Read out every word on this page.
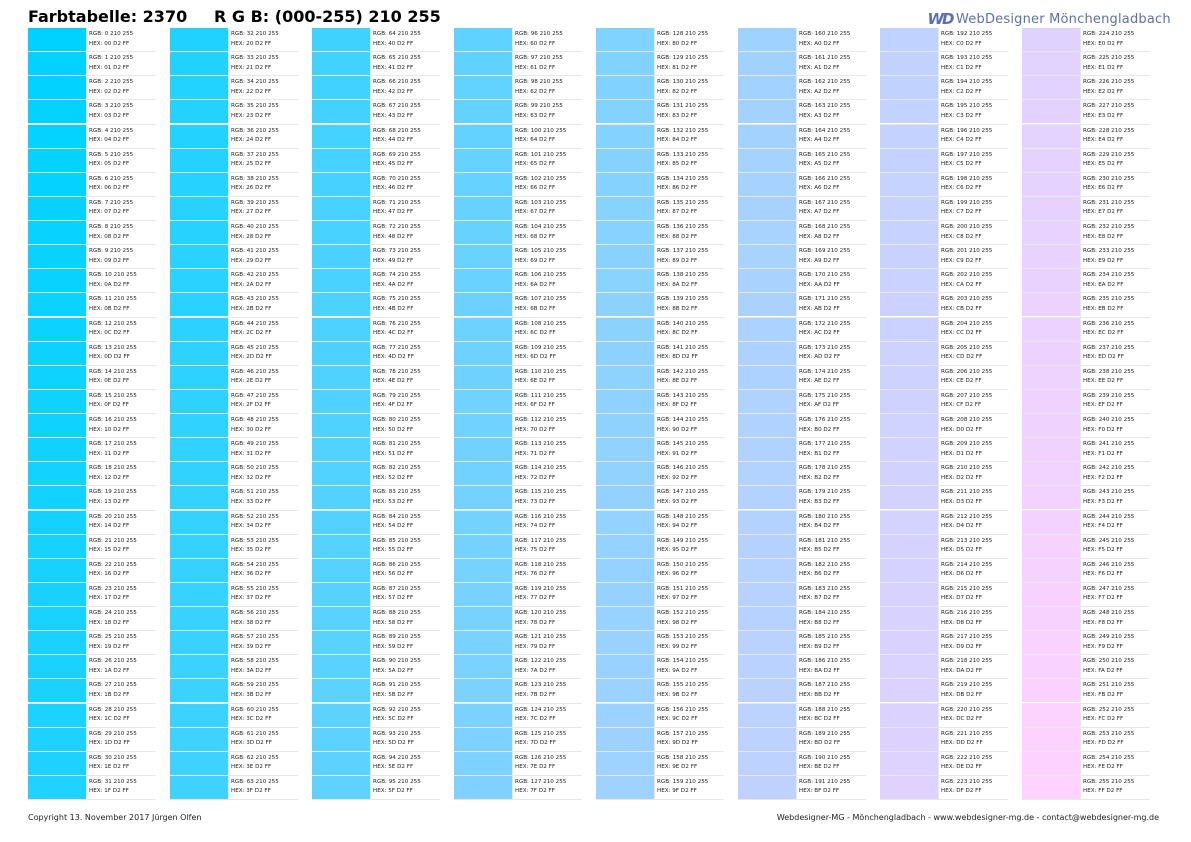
Farbtabelle: 2370 R G B: (000-255) 210 255	WD WebDesigner Mönchengladbach
RGB: 0 210 255
HEX: 00 D2 FF
RGB: 1 210 255
HEX: 01 D2 FF
RGB: 2 210 255
HEX: 02 D2 FF
RGB: 3 210 255
HEX: 03 D2 FF
RGB: 4 210 255
HEX: 04 D2 FF
RGB: 5 210 255
HEX: 05 D2 FF
RGB: 6 210 255
HEX: 06 D2 FF
RGB: 7 210 255
HEX: 07 D2 FF
RGB: 8 210 255
HEX: 08 D2 FF
RGB: 9 210 255
HEX: 09 D2 FF
RGB: 10 210 255
HEX: 0A D2 FF
RGB: 11 210 255
HEX: 0B D2 FF
RGB: 12 210 255
HEX: 0C D2 FF
RGB: 13 210 255
HEX: 0D D2 FF
RGB: 14 210 255
HEX: 0E D2 FF
RGB: 15 210 255
HEX: 0F D2 FF
RGB: 16 210 255
HEX: 10 D2 FF
RGB: 17 210 255
HEX: 11 D2 FF
RGB: 18 210 255
HEX: 12 D2 FF
RGB: 19 210 255
HEX: 13 D2 FF
RGB: 20 210 255
HEX: 14 D2 FF
RGB: 21 210 255
HEX: 15 D2 FF
RGB: 22 210 255
HEX: 16 D2 FF
RGB: 23 210 255
HEX: 17 D2 FF
RGB: 24 210 255
HEX: 18 D2 FF
RGB: 25 210 255
HEX: 19 D2 FF
RGB: 26 210 255
HEX: 1A D2 FF
RGB: 27 210 255
HEX: 1B D2 FF
RGB: 28 210 255
HEX: 1C D2 FF
RGB: 29 210 255
HEX: 1D D2 FF
RGB: 30 210 255
HEX: 1E D2 FF
RGB: 31 210 255
HEX: 1F D2 FF
RGB: 32 210 255
HEX: 20 D2 FF
RGB: 33 210 255
HEX: 21 D2 FF
RGB: 34 210 255
HEX: 22 D2 FF
RGB: 35 210 255
HEX: 23 D2 FF
RGB: 36 210 255
HEX: 24 D2 FF
RGB: 37 210 255
HEX: 25 D2 FF
RGB: 38 210 255
HEX: 26 D2 FF
RGB: 39 210 255
HEX: 27 D2 FF
RGB: 40 210 255
HEX: 28 D2 FF
RGB: 41 210 255
HEX: 29 D2 FF
RGB: 42 210 255
HEX: 2A D2 FF
RGB: 43 210 255
HEX: 2B D2 FF
RGB: 44 210 255
HEX: 2C D2 FF
RGB: 45 210 255
HEX: 2D D2 FF
RGB: 46 210 255
HEX: 2E D2 FF
RGB: 47 210 255
HEX: 2F D2 FF
RGB: 48 210 255
HEX: 30 D2 FF
RGB: 49 210 255
HEX: 31 D2 FF
RGB: 50 210 255
HEX: 32 D2 FF
RGB: 51 210 255
HEX: 33 D2 FF
RGB: 52 210 255
HEX: 34 D2 FF
RGB: 53 210 255
HEX: 35 D2 FF
RGB: 54 210 255
HEX: 36 D2 FF
RGB: 55 210 255
HEX: 37 D2 FF
RGB: 56 210 255
HEX: 38 D2 FF
RGB: 57 210 255
HEX: 39 D2 FF
RGB: 58 210 255
HEX: 3A D2 FF
RGB: 59 210 255
HEX: 3B D2 FF
RGB: 60 210 255
HEX: 3C D2 FF
RGB: 61 210 255
HEX: 3D D2 FF
RGB: 62 210 255
HEX: 3E D2 FF
RGB: 63 210 255
HEX: 3F D2 FF
RGB: 64 210 255
HEX: 40 D2 FF
RGB: 65 210 255
HEX: 41 D2 FF
RGB: 66 210 255
HEX: 42 D2 FF
RGB: 67 210 255
HEX: 43 D2 FF
RGB: 68 210 255
HEX: 44 D2 FF
RGB: 69 210 255
HEX: 45 D2 FF
RGB: 70 210 255
HEX: 46 D2 FF
RGB: 71 210 255
HEX: 47 D2 FF
RGB: 72 210 255
HEX: 48 D2 FF
RGB: 73 210 255
HEX: 49 D2 FF
RGB: 74 210 255
HEX: 4A D2 FF
RGB: 75 210 255
HEX: 4B D2 FF
RGB: 76 210 255
HEX: 4C D2 FF
RGB: 77 210 255
HEX: 4D D2 FF
RGB: 78 210 255
HEX: 4E D2 FF
RGB: 79 210 255
HEX: 4F D2 FF
RGB: 80 210 255
HEX: 50 D2 FF
RGB: 81 210 255
HEX: 51 D2 FF
RGB: 82 210 255
HEX: 52 D2 FF
RGB: 83 210 255
HEX: 53 D2 FF
RGB: 84 210 255
HEX: 54 D2 FF
RGB: 85 210 255
HEX: 55 D2 FF
RGB: 86 210 255
HEX: 56 D2 FF
RGB: 87 210 255
HEX: 57 D2 FF
RGB: 88 210 255
HEX: 58 D2 FF
RGB: 89 210 255
HEX: 59 D2 FF
RGB: 90 210 255
HEX: 5A D2 FF
RGB: 91 210 255
HEX: 5B D2 FF
RGB: 92 210 255
HEX: 5C D2 FF
RGB: 93 210 255
HEX: 5D D2 FF
RGB: 94 210 255
HEX: 5E D2 FF
RGB: 95 210 255
HEX: 5F D2 FF
RGB: 96 210 255
HEX: 60 D2 FF
RGB: 97 210 255
HEX: 61 D2 FF
RGB: 98 210 255
HEX: 62 D2 FF
RGB: 99 210 255
HEX: 63 D2 FF
RGB: 100 210 255
HEX: 64 D2 FF
RGB: 101 210 255
HEX: 65 D2 FF
RGB: 102 210 255
HEX: 66 D2 FF
RGB: 103 210 255
HEX: 67 D2 FF
RGB: 104 210 255
HEX: 68 D2 FF
RGB: 105 210 255
HEX: 69 D2 FF
RGB: 106 210 255
HEX: 6A D2 FF
RGB: 107 210 255
HEX: 6B D2 FF
RGB: 108 210 255
HEX: 6C D2 FF
RGB: 109 210 255
HEX: 6D D2 FF
RGB: 110 210 255
HEX: 6E D2 FF
RGB: 111 210 255
HEX: 6F D2 FF
RGB: 112 210 255
HEX: 70 D2 FF
RGB: 113 210 255
HEX: 71 D2 FF
RGB: 114 210 255
HEX: 72 D2 FF
RGB: 115 210 255
HEX: 73 D2 FF
RGB: 116 210 255
HEX: 74 D2 FF
RGB: 117 210 255
HEX: 75 D2 FF
RGB: 118 210 255
HEX: 76 D2 FF
RGB: 119 210 255
HEX: 77 D2 FF
RGB: 120 210 255
HEX: 78 D2 FF
RGB: 121 210 255
HEX: 79 D2 FF
RGB: 122 210 255
HEX: 7A D2 FF
RGB: 123 210 255
HEX: 7B D2 FF
RGB: 124 210 255
HEX: 7C D2 FF
RGB: 125 210 255
HEX: 7D D2 FF
RGB: 126 210 255
HEX: 7E D2 FF
RGB: 127 210 255
HEX: 7F D2 FF
RGB: 128 210 255
HEX: 80 D2 FF
RGB: 129 210 255
HEX: 81 D2 FF
RGB: 130 210 255
HEX: 82 D2 FF
RGB: 131 210 255
HEX: 83 D2 FF
RGB: 132 210 255
HEX: 84 D2 FF
RGB: 133 210 255
HEX: 85 D2 FF
RGB: 134 210 255
HEX: 86 D2 FF
RGB: 135 210 255
HEX: 87 D2 FF
RGB: 136 210 255
HEX: 88 D2 FF
RGB: 137 210 255
HEX: 89 D2 FF
RGB: 138 210 255
HEX: 8A D2 FF
RGB: 139 210 255
HEX: 8B D2 FF
RGB: 140 210 255
HEX: 8C D2 FF
RGB: 141 210 255
HEX: 8D D2 FF
RGB: 142 210 255
HEX: 8E D2 FF
RGB: 143 210 255
HEX: 8F D2 FF
RGB: 144 210 255
HEX: 90 D2 FF
RGB: 145 210 255
HEX: 91 D2 FF
RGB: 146 210 255
HEX: 92 D2 FF
RGB: 147 210 255
HEX: 93 D2 FF
RGB: 148 210 255
HEX: 94 D2 FF
RGB: 149 210 255
HEX: 95 D2 FF
RGB: 150 210 255
HEX: 96 D2 FF
RGB: 151 210 255
HEX: 97 D2 FF
RGB: 152 210 255
HEX: 98 D2 FF
RGB: 153 210 255
HEX: 99 D2 FF
RGB: 154 210 255
HEX: 9A D2 FF
RGB: 155 210 255
HEX: 9B D2 FF
RGB: 156 210 255
HEX: 9C D2 FF
RGB: 157 210 255
HEX: 9D D2 FF
RGB: 158 210 255
HEX: 9E D2 FF
RGB: 159 210 255
HEX: 9F D2 FF
RGB: 160 210 255
HEX: A0 D2 FF
RGB: 161 210 255
HEX: A1 D2 FF
RGB: 162 210 255
HEX: A2 D2 FF
RGB: 163 210 255
HEX: A3 D2 FF
RGB: 164 210 255
HEX: A4 D2 FF
RGB: 165 210 255
HEX: A5 D2 FF
RGB: 166 210 255
HEX: A6 D2 FF
RGB: 167 210 255
HEX: A7 D2 FF
RGB: 168 210 255
HEX: A8 D2 FF
RGB: 169 210 255
HEX: A9 D2 FF
RGB: 170 210 255
HEX: AA D2 FF
RGB: 171 210 255
HEX: AB D2 FF
RGB: 172 210 255
HEX: AC D2 FF
RGB: 173 210 255
HEX: AD D2 FF
RGB: 174 210 255
HEX: AE D2 FF
RGB: 175 210 255
HEX: AF D2 FF
RGB: 176 210 255
HEX: B0 D2 FF
RGB: 177 210 255
HEX: B1 D2 FF
RGB: 178 210 255
HEX: B2 D2 FF
RGB: 179 210 255
HEX: B3 D2 FF
RGB: 180 210 255
HEX: B4 D2 FF
RGB: 181 210 255
HEX: B5 D2 FF
RGB: 182 210 255
HEX: B6 D2 FF
RGB: 183 210 255
HEX: B7 D2 FF
RGB: 184 210 255
HEX: B8 D2 FF
RGB: 185 210 255
HEX: B9 D2 FF
RGB: 186 210 255
HEX: BA D2 FF
RGB: 187 210 255
HEX: BB D2 FF
RGB: 188 210 255
HEX: BC D2 FF
RGB: 189 210 255
HEX: BD D2 FF
RGB: 190 210 255
HEX: BE D2 FF
RGB: 191 210 255
HEX: BF D2 FF
RGB: 192 210 255
HEX: C0 D2 FF
RGB: 193 210 255
HEX: C1 D2 FF
RGB: 194 210 255
HEX: C2 D2 FF
RGB: 195 210 255
HEX: C3 D2 FF
RGB: 196 210 255
HEX: C4 D2 FF
RGB: 197 210 255
HEX: C5 D2 FF
RGB: 198 210 255
HEX: C6 D2 FF
RGB: 199 210 255
HEX: C7 D2 FF
RGB: 200 210 255
HEX: C8 D2 FF
RGB: 201 210 255
HEX: C9 D2 FF
RGB: 202 210 255
HEX: CA D2 FF
RGB: 203 210 255
HEX: CB D2 FF
RGB: 204 210 255
HEX: CC D2 FF
RGB: 205 210 255
HEX: CD D2 FF
RGB: 206 210 255
HEX: CE D2 FF
RGB: 207 210 255
HEX: CF D2 FF
RGB: 208 210 255
HEX: D0 D2 FF
RGB: 209 210 255
HEX: D1 D2 FF
RGB: 210 210 255
HEX: D2 D2 FF
RGB: 211 210 255
HEX: D3 D2 FF
RGB: 212 210 255
HEX: D4 D2 FF
RGB: 213 210 255
HEX: D5 D2 FF
RGB: 214 210 255
HEX: D6 D2 FF
RGB: 215 210 255
HEX: D7 D2 FF
RGB: 216 210 255
HEX: D8 D2 FF
RGB: 217 210 255
HEX: D9 D2 FF
RGB: 218 210 255
HEX: DA D2 FF
RGB: 219 210 255
HEX: DB D2 FF
RGB: 220 210 255
HEX: DC D2 FF
RGB: 221 210 255
HEX: DD D2 FF
RGB: 222 210 255
HEX: DE D2 FF
RGB: 223 210 255
HEX: DF D2 FF
RGB: 224 210 255
HEX: E0 D2 FF
RGB: 225 210 255
HEX: E1 D2 FF
RGB: 226 210 255
HEX: E2 D2 FF
RGB: 227 210 255
HEX: E3 D2 FF
RGB: 228 210 255
HEX: E4 D2 FF
RGB: 229 210 255
HEX: E5 D2 FF
RGB: 230 210 255
HEX: E6 D2 FF
RGB: 231 210 255
HEX: E7 D2 FF
RGB: 232 210 255
HEX: E8 D2 FF
RGB: 233 210 255
HEX: E9 D2 FF
RGB: 234 210 255
HEX: EA D2 FF
RGB: 235 210 255
HEX: EB D2 FF
RGB: 236 210 255
HEX: EC D2 FF
RGB: 237 210 255
HEX: ED D2 FF
RGB: 238 210 255
HEX: EE D2 FF
RGB: 239 210 255
HEX: EF D2 FF
RGB: 240 210 255
HEX: F0 D2 FF
RGB: 241 210 255
HEX: F1 D2 FF
RGB: 242 210 255
HEX: F2 D2 FF
RGB: 243 210 255
HEX: F3 D2 FF
RGB: 244 210 255
HEX: F4 D2 FF
RGB: 245 210 255
HEX: F5 D2 FF
RGB: 246 210 255
HEX: F6 D2 FF
RGB: 247 210 255
HEX: F7 D2 FF
RGB: 248 210 255
HEX: F8 D2 FF
RGB: 249 210 255
HEX: F9 D2 FF
RGB: 250 210 255
HEX: FA D2 FF
RGB: 251 210 255
HEX: FB D2 FF
RGB: 252 210 255
HEX: FC D2 FF
RGB: 253 210 255
HEX: FD D2 FF
RGB: 254 210 255
HEX: FE D2 FF
RGB: 255 210 255
HEX: FF D2 FF
Copyright 13. November 2017 Jürgen Olfen	Webdesigner-MG - Mönchengladbach - www.webdesigner-mg.de - contact@webdesigner-mg.de
